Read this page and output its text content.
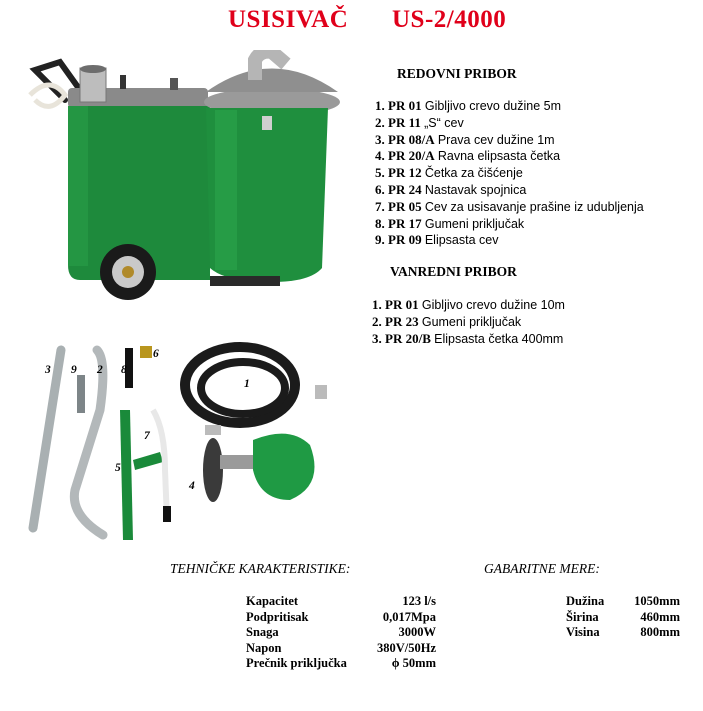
USISIVAČ US-2/4000
REDOVNI PRIBOR
1. PR 01 Gibljivo crevo dužine 5m
2. PR 11 „S“ cev
3. PR 08/A Prava cev dužine 1m
4. PR 20/A Ravna elipsasta četka
5. PR 12 Četka za čišćenje
6. PR 24 Nastavak spojnica
7. PR 05 Cev za usisavanje prašine iz udubljenja
8. PR 17 Gumeni priključak
9. PR 09 Elipsasta cev
VANREDNI PRIBOR
1. PR 01 Gibljivo crevo dužine 10m
2. PR 23 Gumeni priključak
3. PR 20/B Elipsasta četka 400mm
3 9 2 8
6
1
7
5
4
TEHNIČKE KARAKTERISTIKE:
Kapacitet	123 l/s
Podpritisak	0,017Mpa
Snaga	3000W
Napon	380V/50Hz
Prečnik priključka	ϕ 50mm
GABARITNE MERE:
Dužina	1050mm
Širina	460mm
Visina	800mm
